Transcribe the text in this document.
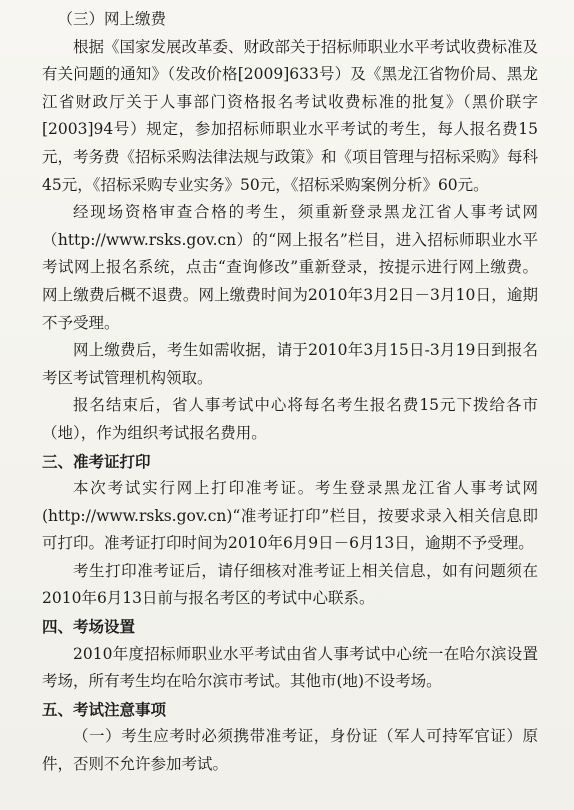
（三）网上缴费

根据《国家发展改革委、财政部关于招标师职业水平考试收费标准及有关问题的通知》（发改价格[2009]633号）及《黑龙江省物价局、黑龙江省财政厅关于人事部门资格报名考试收费标准的批复》（黑价联字[2003]94号）规定，参加招标师职业水平考试的考生，每人报名费15元，考务费《招标采购法律法规与政策》和《项目管理与招标采购》每科45元，《招标采购专业实务》50元，《招标采购案例分析》60元。

经现场资格审查合格的考生，须重新登录黑龙江省人事考试网（http://www.rsks.gov.cn）的“网上报名”栏目，进入招标师职业水平考试网上报名系统，点击“查询修改”重新登录，按提示进行网上缴费。网上缴费后概不退费。网上缴费时间为2010年3月2日－3月10日，逾期不予受理。

网上缴费后，考生如需收据，请于2010年3月15日-3月19日到报名考区考试管理机构领取。

报名结束后，省人事考试中心将每名考生报名费15元下拨给各市（地），作为组织考试报名费用。

三、准考证打印

本次考试实行网上打印准考证。考生登录黑龙江省人事考试网(http://www.rsks.gov.cn)“准考证打印”栏目，按要求录入相关信息即可打印。准考证打印时间为2010年6月9日－6月13日，逾期不予受理。

考生打印准考证后，请仔细核对准考证上相关信息，如有问题须在2010年6月13日前与报名考区的考试中心联系。

四、考场设置

2010年度招标师职业水平考试由省人事考试中心统一在哈尔滨设置考场，所有考生均在哈尔滨市考试。其他市(地)不设考场。

五、考试注意事项

（一）考生应考时必须携带准考证，身份证（军人可持军官证）原件，否则不允许参加考试。
